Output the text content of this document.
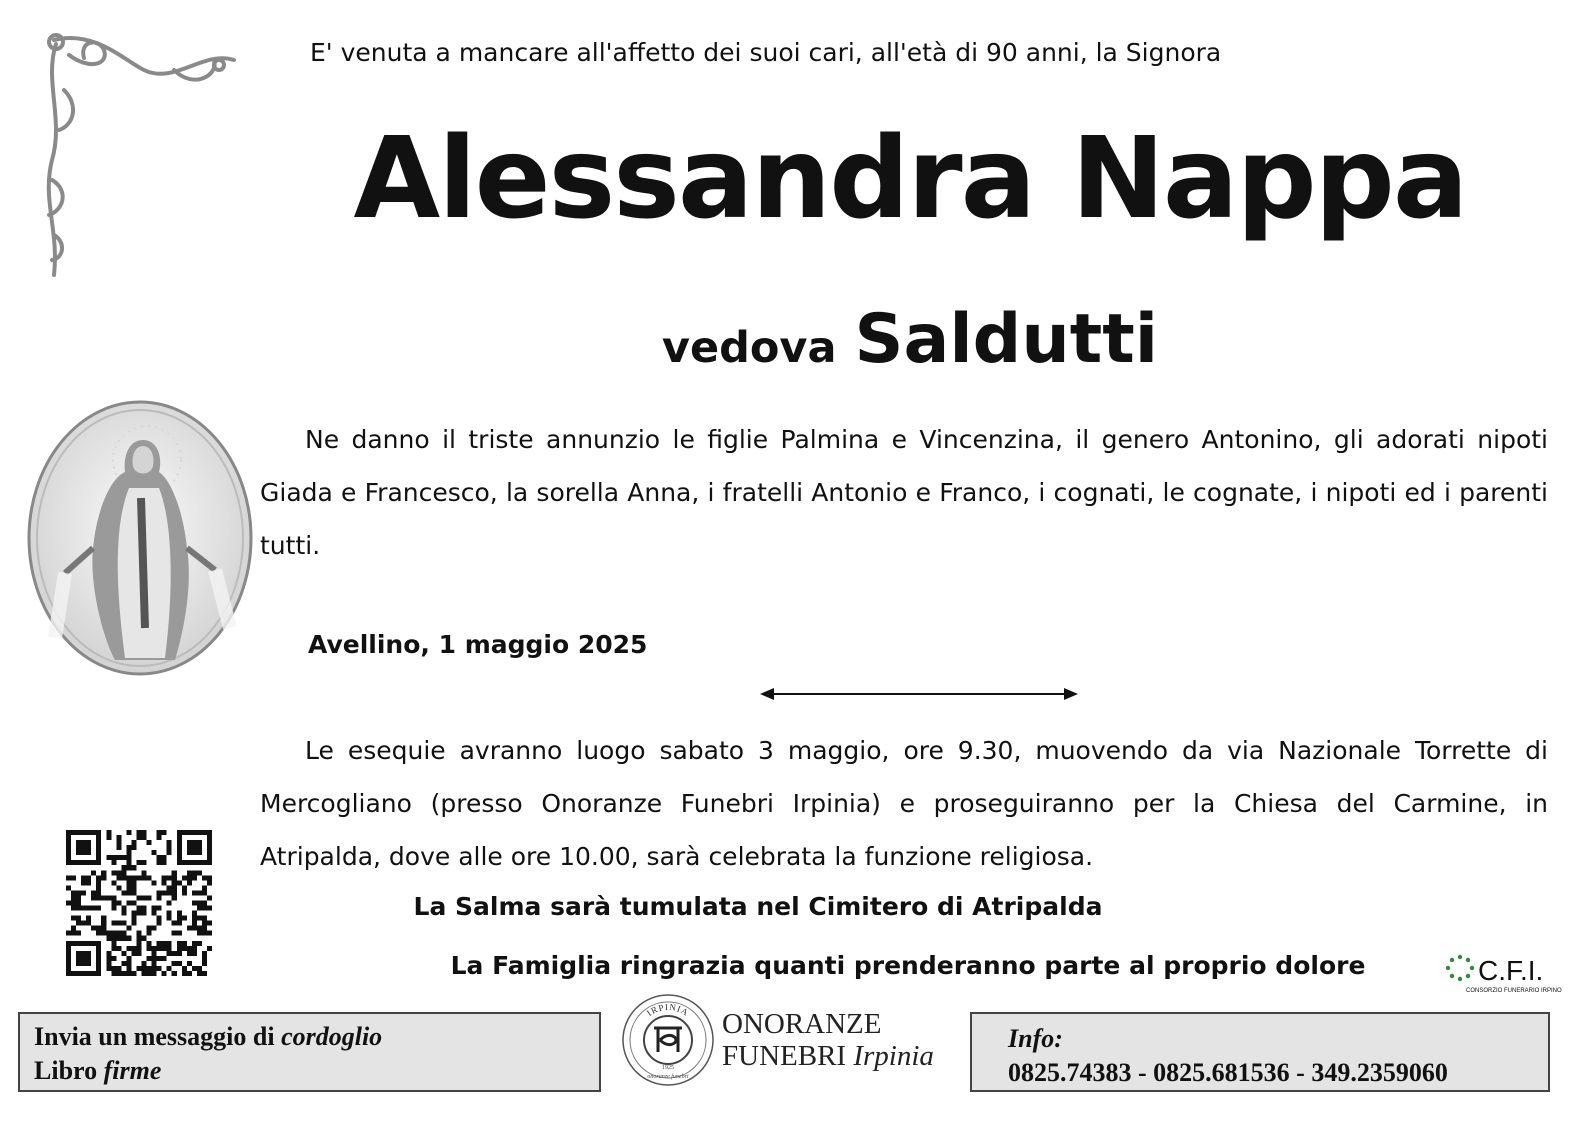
E' venuta a mancare all'affetto dei suoi cari, all'età di 90 anni, la Signora
Alessandra Nappa
vedova Saldutti
Ne danno il triste annunzio le figlie Palmina e Vincenzina, il genero Antonino, gli adorati nipoti Giada e Francesco, la sorella Anna, i fratelli Antonio e Franco, i cognati, le cognate, i nipoti ed i parenti tutti.
Avellino, 1 maggio 2025
Le esequie avranno luogo sabato 3 maggio, ore 9.30, muovendo da via Nazionale Torrette di Mercogliano (presso Onoranze Funebri Irpinia) e proseguiranno per la Chiesa del Carmine, in Atripalda, dove alle ore 10.00, sarà celebrata la funzione religiosa.
La Salma sarà tumulata nel Cimitero di Atripalda
La Famiglia ringrazia quanti prenderanno parte al proprio dolore	C.F.I.
CONSORZIO FUNERARIO IRPINO
Invia un messaggio di cordoglio
Libro firme
IRPINIA
1925
onoranze funebri
ONORANZE
FUNEBRI Irpinia
Info:
0825.74383 - 0825.681536 - 349.2359060
